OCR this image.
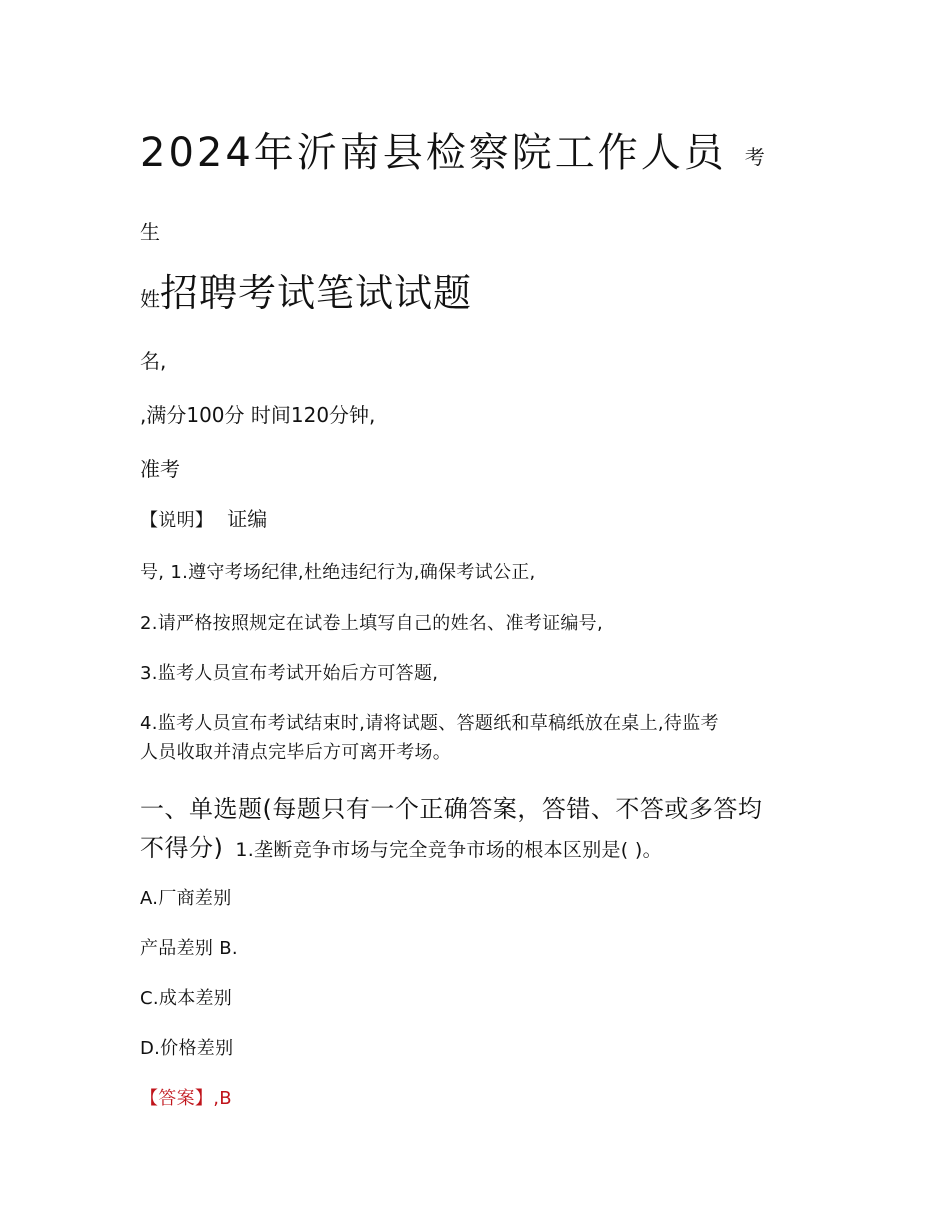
2024年沂南县检察院工作人员 考
生
姓招聘考试笔试试题
名,
,满分100分 时间120分钟,
准考
【说明】 证编
号, 1.遵守考场纪律,杜绝违纪行为,确保考试公正,
2.请严格按照规定在试卷上填写自己的姓名、准考证编号,
3.监考人员宣布考试开始后方可答题,
4.监考人员宣布考试结束时,请将试题、答题纸和草稿纸放在桌上,待监考
人员收取并清点完毕后方可离开考场。
一、单选题(每题只有一个正确答案，答错、不答或多答均
不得分) 1.垄断竞争市场与完全竞争市场的根本区别是( )。
A.厂商差别
产品差别 B.
C.成本差别
D.价格差别
【答案】,B
